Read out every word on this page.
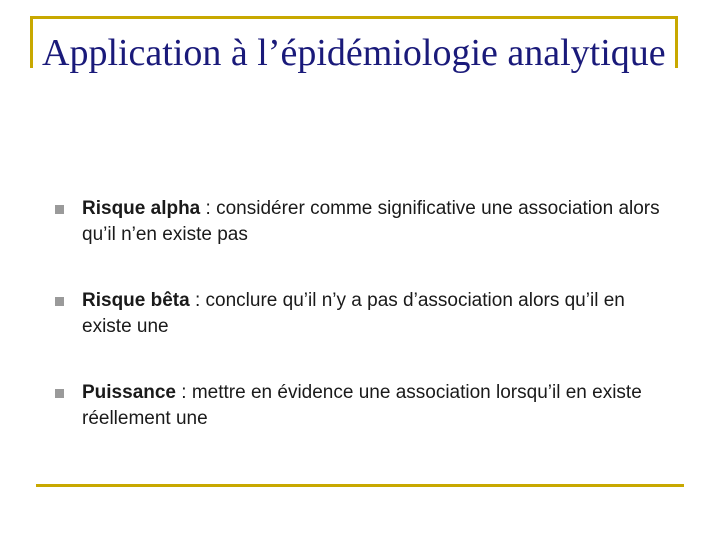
Application à l’épidémiologie analytique
Risque alpha : considérer comme significative une association alors qu’il n’en existe pas
Risque bêta : conclure qu’il n’y a pas d’association alors qu’il en existe une
Puissance : mettre en évidence une association lorsqu’il en existe réellement une
